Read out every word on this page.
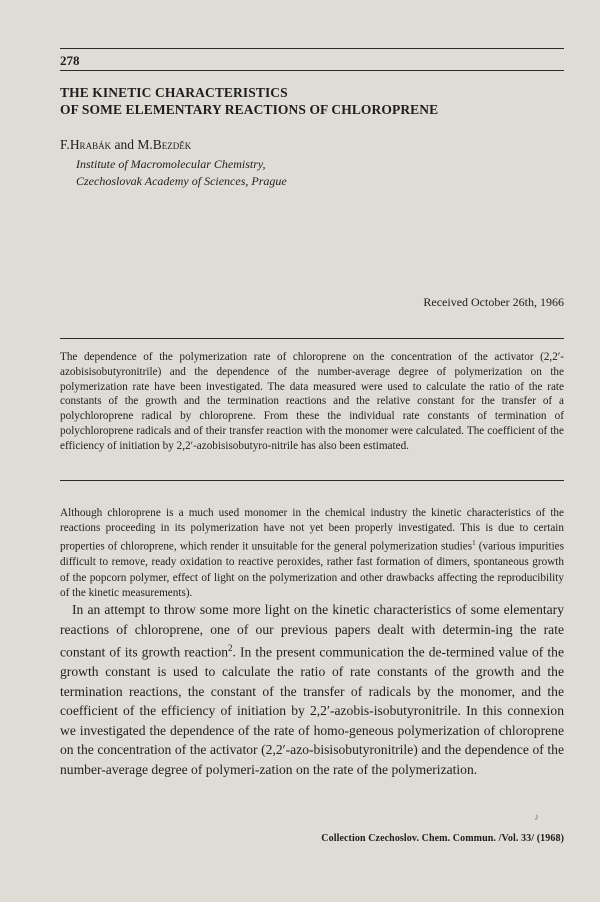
278
THE KINETIC CHARACTERISTICS
OF SOME ELEMENTARY REACTIONS OF CHLOROPRENE
F.Hrabák and M.Bezděk
Institute of Macromolecular Chemistry,
Czechoslovak Academy of Sciences, Prague
Received October 26th, 1966
The dependence of the polymerization rate of chloroprene on the concentration of the activator (2,2′-azobisisobutyronitrile) and the dependence of the number-average degree of polymerization on the polymerization rate have been investigated. The data measured were used to calculate the ratio of the rate constants of the growth and the termination reactions and the relative constant for the transfer of a polychloroprene radical by chloroprene. From these the individual rate constants of termination of polychloroprene radicals and of their transfer reaction with the monomer were calculated. The coefficient of the efficiency of initiation by 2,2′-azobisisobutyro-nitrile has also been estimated.
Although chloroprene is a much used monomer in the chemical industry the kinetic characteristics of the reactions proceeding in its polymerization have not yet been properly investigated. This is due to certain properties of chloroprene, which render it unsuitable for the general polymerization studies$^1$ (various impurities difficult to remove, ready oxidation to reactive peroxides, rather fast formation of dimers, spontaneous growth of the popcorn polymer, effect of light on the polymerization and other drawbacks affecting the reproducibility of the kinetic measurements).
In an attempt to throw some more light on the kinetic characteristics of some elementary reactions of chloroprene, one of our previous papers dealt with determin-ing the rate constant of its growth reaction$^2$. In the present communication the de-termined value of the growth constant is used to calculate the ratio of rate constants of the growth and the termination reactions, the constant of the transfer of radicals by the monomer, and the coefficient of the efficiency of initiation by 2,2′-azobis-isobutyronitrile. In this connexion we investigated the dependence of the rate of homo-geneous polymerization of chloroprene on the concentration of the activator (2,2′-azo-bisisobutyronitrile) and the dependence of the number-average degree of polymeri-zation on the rate of the polymerization.
♪
Collection Czechoslov. Chem. Commun. /Vol. 33/ (1968)
